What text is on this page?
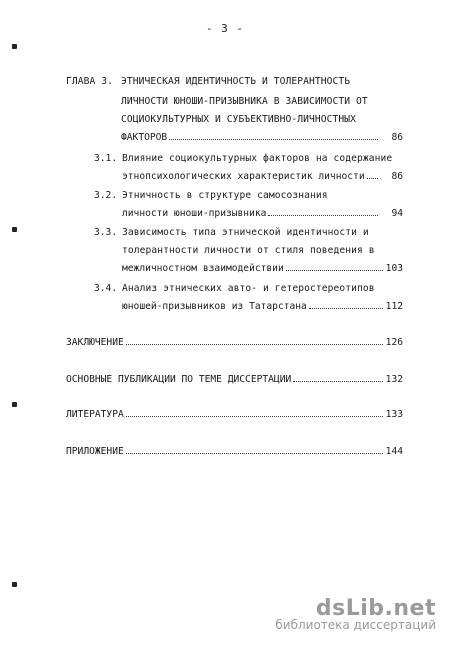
- 3 -
ГЛАВА 3. ЭТНИЧЕСКАЯ ИДЕНТИЧНОСТЬ И ТОЛЕРАНТНОСТЬ
ЛИЧНОСТИ ЮНОШИ-ПРИЗЫВНИКА В ЗАВИСИМОСТИ ОТ
СОЦИОКУЛЬТУРНЫХ И СУБЪЕКТИВНО-ЛИЧНОСТНЫХ
ФАКТОРОВ	86
3.1. Влияние социокультурных факторов на содержание
этнопсихологических характеристик личности	86
3.2. Этничность в структуре самосознания
личности юноши-призывника	94
3.3. Зависимость типа этнической идентичности и
толерантности личности от стиля поведения в
межличностном взаимодействии	103
3.4. Анализ этнических авто- и гетеростереотипов
юношей-призывников из Татарстана	112
ЗАКЛЮЧЕНИЕ	126
ОСНОВНЫЕ ПУБЛИКАЦИИ ПО ТЕМЕ ДИССЕРТАЦИИ	132
ЛИТЕРАТУРА	133
ПРИЛОЖЕНИЕ	144
dsLib.net
библиотека диссертаций
